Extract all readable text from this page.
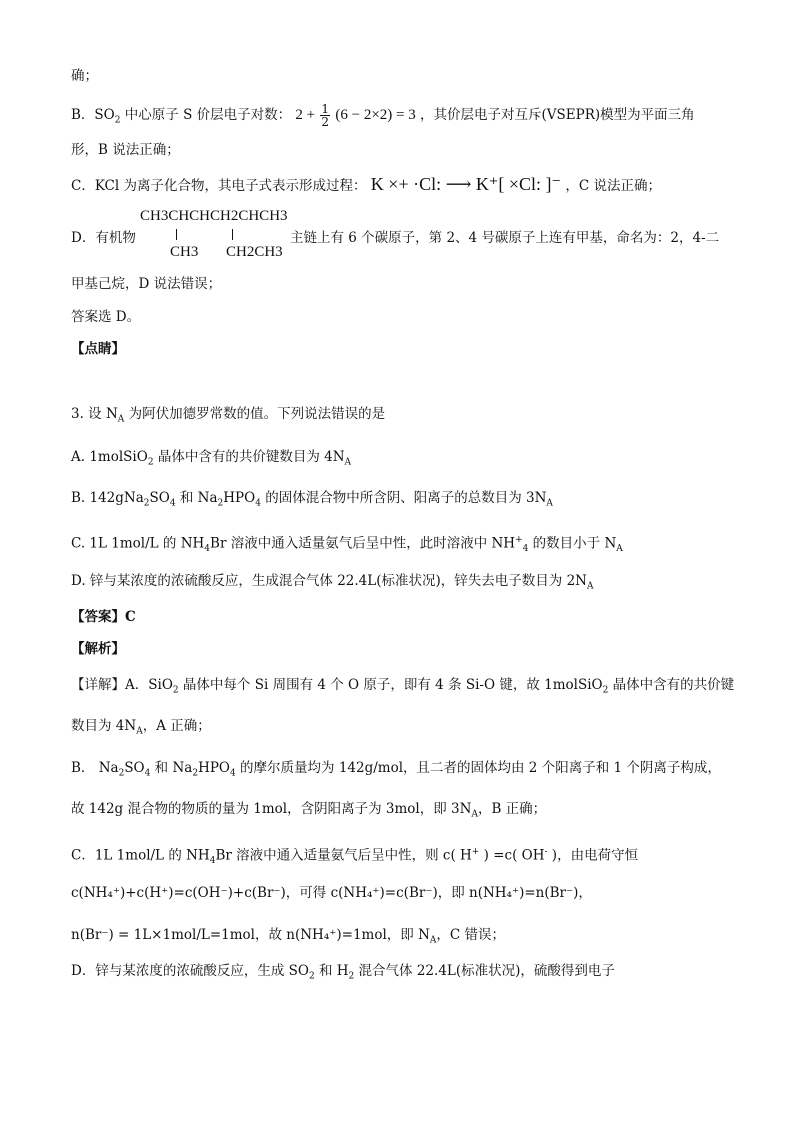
确；
B．$SO_2$ 中心原子 S 价层电子对数： $2 + \frac{1}{2} (6 - 2\times 2) = 3$ ，其价层电子对互斥(VSEPR)模型为平面三角
形，B 说法正确；
C．KCl 为离子化合物，其电子式表示形成过程： K ×+ ·Cl: ⟶ K⁺[ ×Cl: ]⁻ ，C 说法正确；
D．有机物
CH3CHCHCH2CHCH3
CH3 CH2CH3
主链上有 6 个碳原子，第 2、4 号碳原子上连有甲基，命名为：2，4-二
甲基己烷，D 说法错误；
答案选 D。
【点睛】
3. 设 $N_A$ 为阿伏加德罗常数的值。下列说法错误的是
A. 1molSiO$_2$ 晶体中含有的共价键数目为 $4N_A$
B. $142gNa_2SO_4$ 和 $Na_2HPO_4$ 的固体混合物中所含阴、阳离子的总数目为 $3N_A$
C. 1L 1mol/L 的 $NH_4Br$ 溶液中通入适量氨气后呈中性，此时溶液中 $NH^+_4$ 的数目小于 $N_A$
D. 锌与某浓度的浓硫酸反应，生成混合气体 22.4L(标准状况)，锌失去电子数目为 $2N_A$
【答案】C
【解析】
【详解】A．SiO$_2$ 晶体中每个 Si 周围有 4 个 O 原子，即有 4 条 Si-O 键，故 1molSiO$_2$ 晶体中含有的共价键
数目为 $4N_A$，A 正确；
B． $Na_2SO_4$ 和 $Na_2HPO_4$ 的摩尔质量均为 142g/mol，且二者的固体均由 2 个阳离子和 1 个阴离子构成，
故 142g 混合物的物质的量为 1mol，含阴阳离子为 3mol，即 $3N_A$，B 正确；
C．1L 1mol/L 的 $NH_4Br$ 溶液中通入适量氨气后呈中性，则 c( H+ ) =c( OH- )，由电荷守恒
c(NH₄⁺)+c(H⁺)=c(OH⁻)+c(Br⁻)，可得 c(NH₄⁺)=c(Br⁻)，即 n(NH₄⁺)=n(Br⁻)，
n(Br⁻) = 1L×1mol/L=1mol，故 n(NH₄⁺)=1mol，即 $N_A$，C 错误；
D．锌与某浓度的浓硫酸反应，生成 $SO_2$ 和 $H_2$ 混合气体 22.4L(标准状况)，硫酸得到电子
